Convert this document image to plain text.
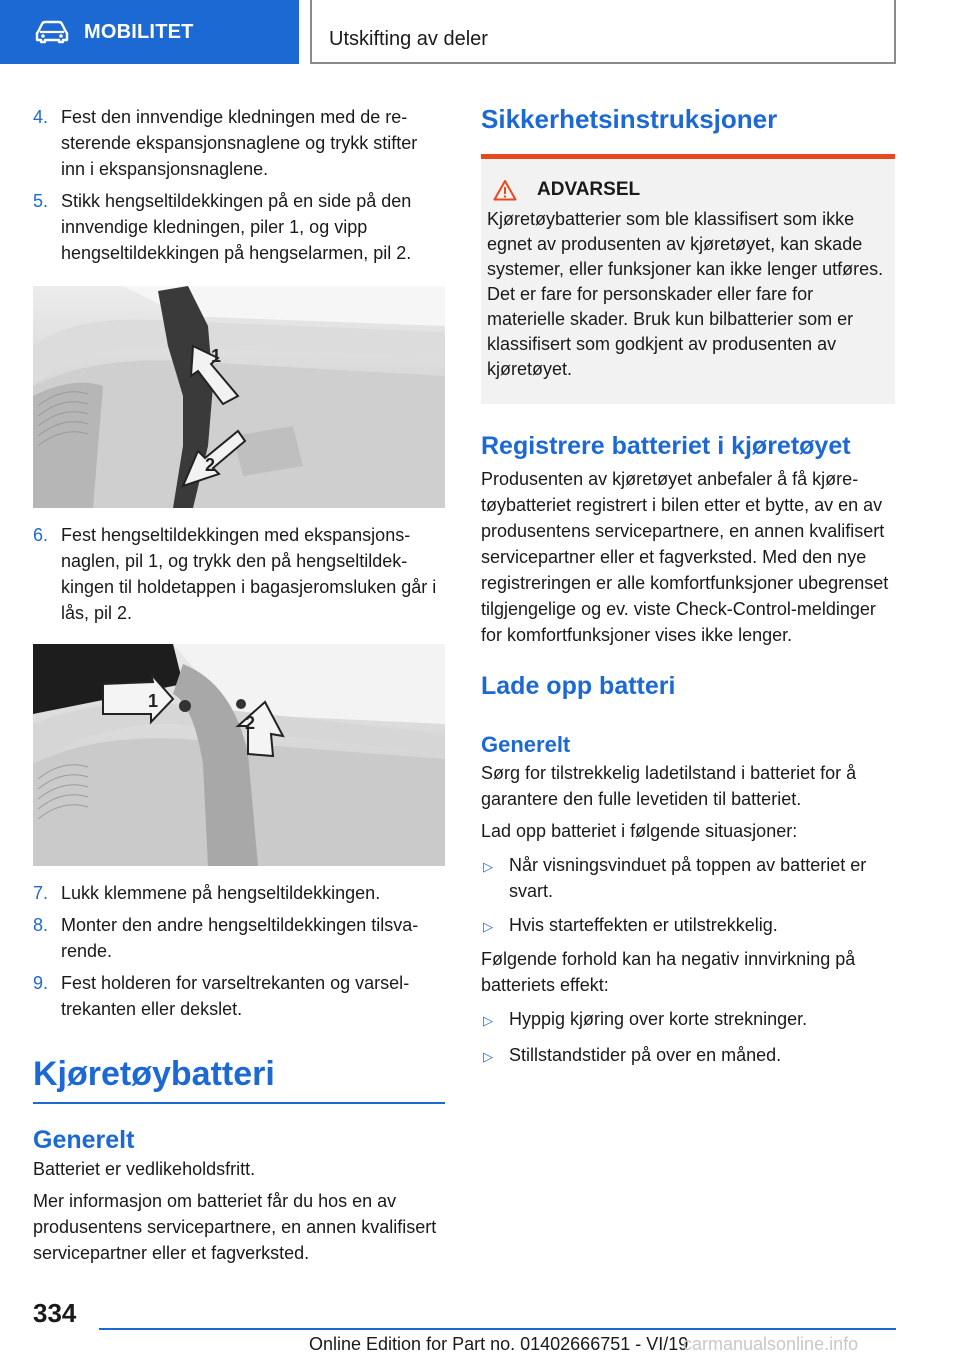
MOBILITET	Utskifting av deler
4. Fest den innvendige kledningen med de resterende ekspansjonsnaglene og trykk stifter inn i ekspansjonsnaglene.
5. Stikk hengseltildekkingen på en side på den innvendige kledningen, piler 1, og vipp hengseltildekkingen på hengselarmen, pil 2.
1
2
6. Fest hengseltildekkingen med ekspansjonsnaglen, pil 1, og trykk den på hengseltildekkingen til holdetappen i bagasjeromsluken går i lås, pil 2.
1
2
7. Lukk klemmene på hengseltildekkingen.
8. Monter den andre hengseltildekkingen tilsvarende.
9. Fest holderen for varseltrekanten og varseltrekanten eller dekslet.
Kjøretøybatteri
Generelt

Batteriet er vedlikeholdsfritt.

Mer informasjon om batteriet får du hos en av produsentens servicepartnere, en annen kvalifisert servicepartner eller et fagverksted.

Sikkerhetsinstruksjoner
ADVARSEL

Kjøretøybatterier som ble klassifisert som ikke egnet av produsenten av kjøretøyet, kan skade systemer, eller funksjoner kan ikke lenger utføres. Det er fare for personskader eller fare for materielle skader. Bruk kun bilbatterier som er klassifisert som godkjent av produsenten av kjøretøyet.

Registrere batteriet i kjøretøyet

Produsenten av kjøretøyet anbefaler å få kjøretøybatteriet registrert i bilen etter et bytte, av en av produsentens servicepartnere, en annen kvalifisert servicepartner eller et fagverksted. Med den nye registreringen er alle komfortfunksjoner ubegrenset tilgjengelige og ev. viste Check-Control-meldinger for komfortfunksjoner vises ikke lenger.

Lade opp batteri
Generelt

Sørg for tilstrekkelig ladetilstand i batteriet for å garantere den fulle levetiden til batteriet.

Lad opp batteriet i følgende situasjoner:

▷ Når visningsvinduet på toppen av batteriet er svart.
▷ Hvis starteffekten er utilstrekkelig.

Følgende forhold kan ha negativ innvirkning på batteriets effekt:

▷ Hyppig kjøring over korte strekninger.
▷ Stillstandstider på over en måned.
334
Online Edition for Part no. 01402666751 - VI/19
carmanualsonline.info
